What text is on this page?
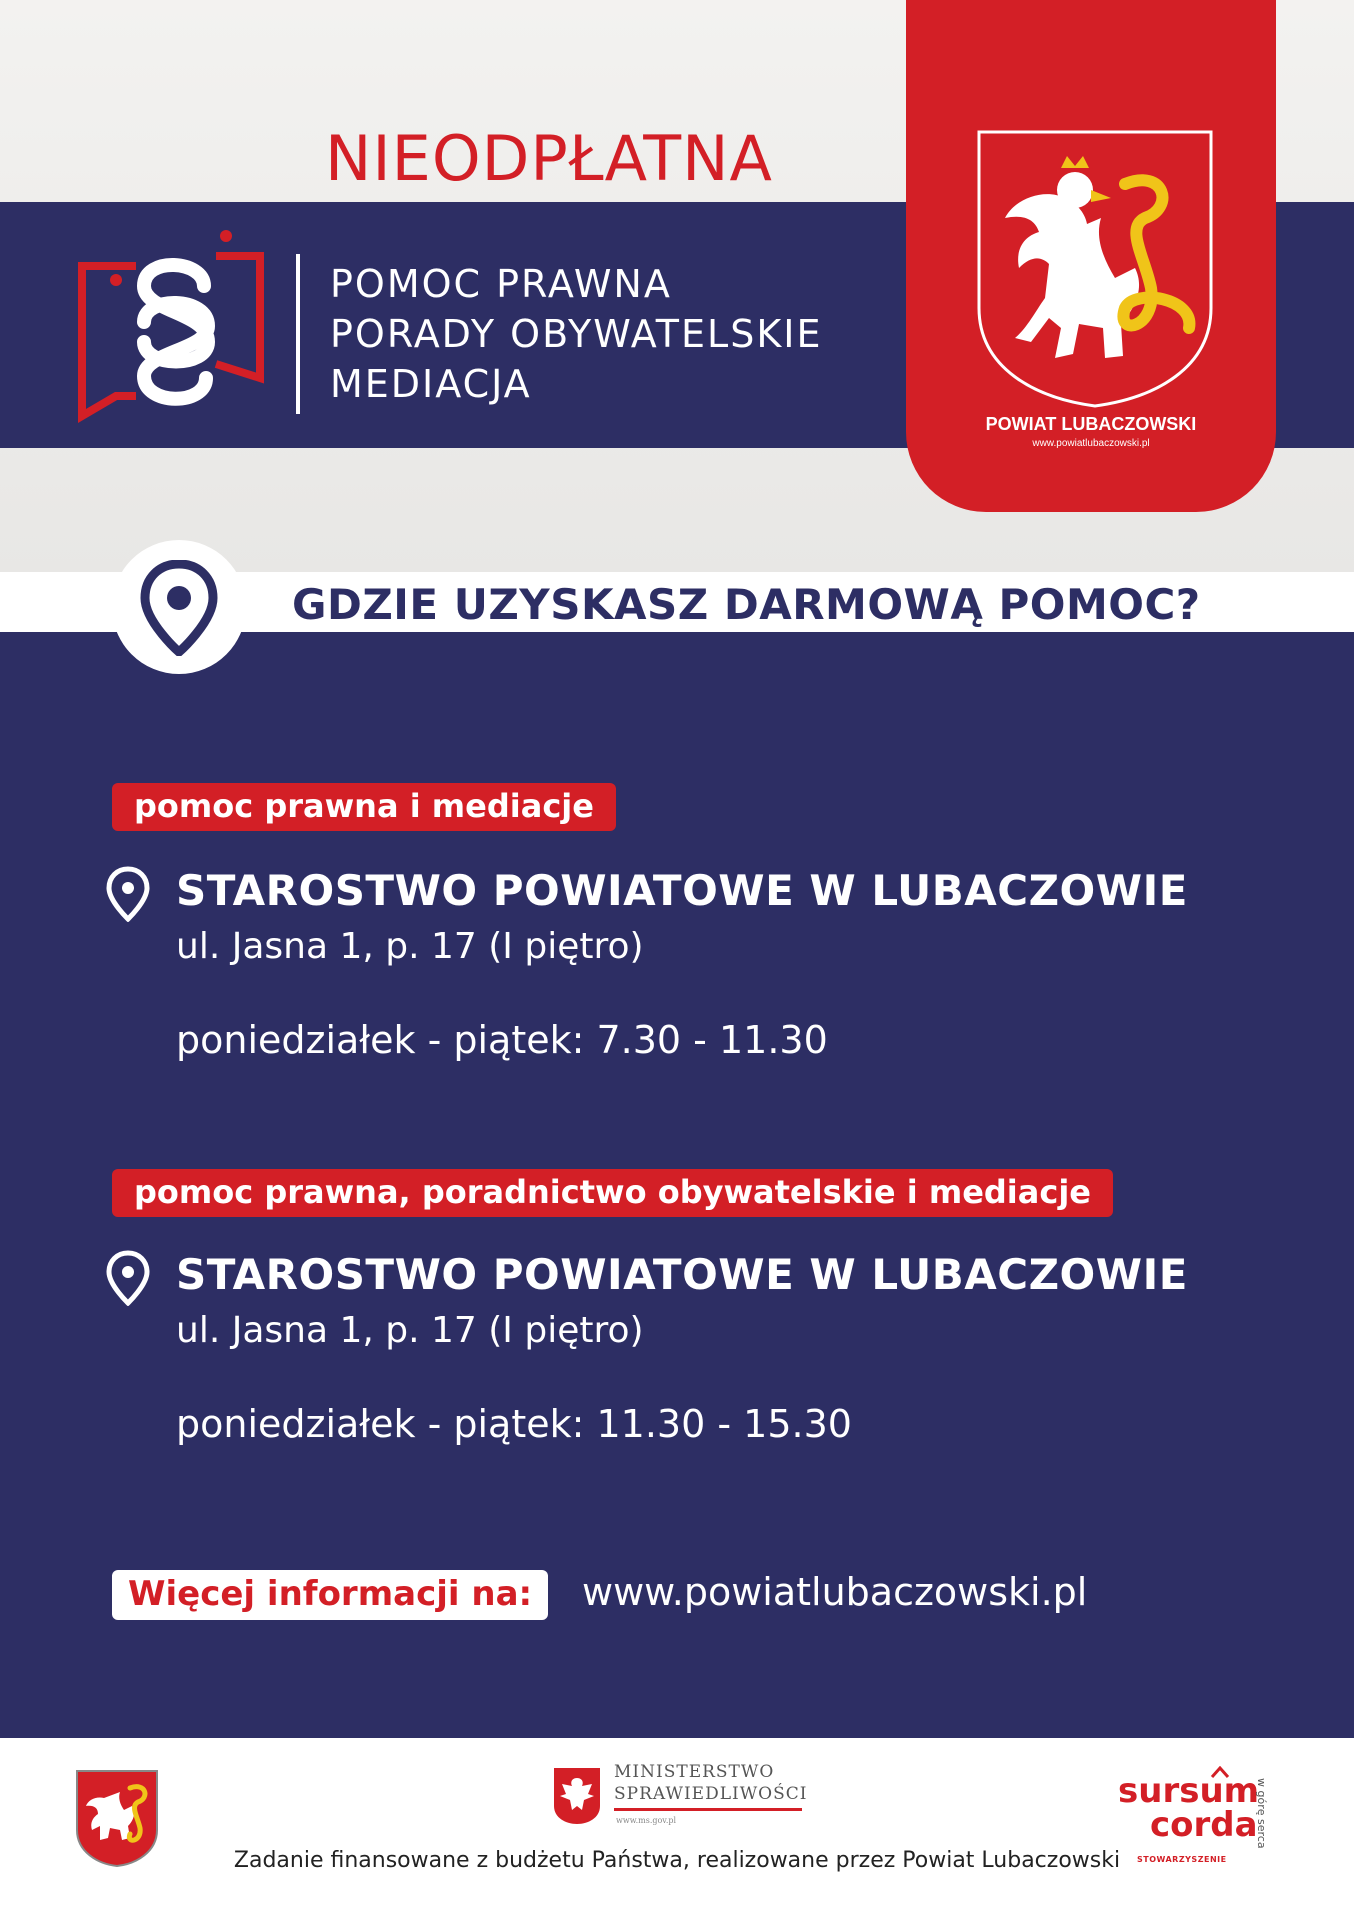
NIEODPŁATNA
POMOC PRAWNA
PORADY OBYWATELSKIE
MEDIACJA
POWIAT LUBACZOWSKI
www.powiatlubaczowski.pl
GDZIE UZYSKASZ DARMOWĄ POMOC?
pomoc prawna i mediacje
STAROSTWO POWIATOWE W LUBACZOWIE
ul. Jasna 1, p. 17 (I piętro)
poniedziałek - piątek: 7.30 - 11.30
pomoc prawna, poradnictwo obywatelskie i mediacje
STAROSTWO POWIATOWE W LUBACZOWIE
ul. Jasna 1, p. 17 (I piętro)
poniedziałek - piątek: 11.30 - 15.30
Więcej informacji na:	www.powiatlubaczowski.pl
MINISTERSTWO
SPRAWIEDLIWOŚCI
www.ms.gov.pl
Zadanie finansowane z budżetu Państwa, realizowane przez Powiat Lubaczowski
sursum
corda
STOWARZYSZENIE
w górę serca
